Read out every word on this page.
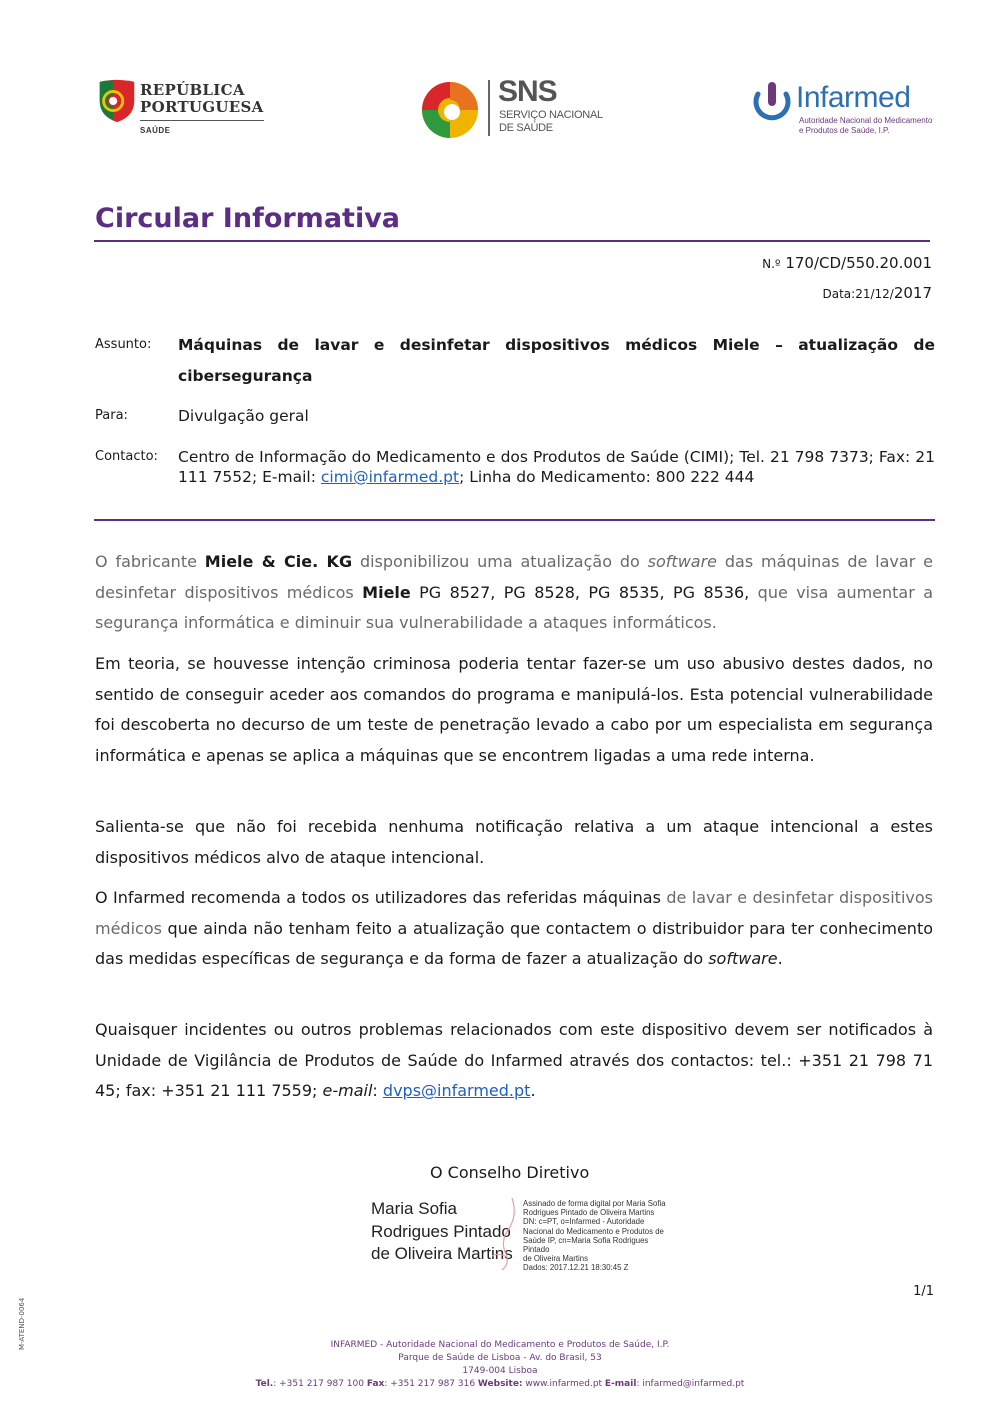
REPÚBLICA
PORTUGUESA
SAÚDE
SNS
SERVIÇO NACIONAL
DE SAÚDE
Infarmed
Autoridade Nacional do Medicamento
e Produtos de Saúde, I.P.
Circular Informativa
N.º 170/CD/550.20.001
Data:21/12/2017
Assunto: Máquinas de lavar e desinfetar dispositivos médicos Miele – atualização de cibersegurança
Para:	Divulgação geral
Contacto: Centro de Informação do Medicamento e dos Produtos de Saúde (CIMI); Tel. 21 798 7373; Fax: 21 111 7552; E-mail: cimi@infarmed.pt; Linha do Medicamento: 800 222 444

O fabricante Miele & Cie. KG disponibilizou uma atualização do software das máquinas de lavar e desinfetar dispositivos médicos Miele PG 8527, PG 8528, PG 8535, PG 8536, que visa aumentar a segurança informática e diminuir sua vulnerabilidade a ataques informáticos.

Em teoria, se houvesse intenção criminosa poderia tentar fazer-se um uso abusivo destes dados, no sentido de conseguir aceder aos comandos do programa e manipulá-los. Esta potencial vulnerabilidade foi descoberta no decurso de um teste de penetração levado a cabo por um especialista em segurança informática e apenas se aplica a máquinas que se encontrem ligadas a uma rede interna.

Salienta-se que não foi recebida nenhuma notificação relativa a um ataque intencional a estes dispositivos médicos alvo de ataque intencional.

O Infarmed recomenda a todos os utilizadores das referidas máquinas de lavar e desinfetar dispositivos médicos que ainda não tenham feito a atualização que contactem o distribuidor para ter conhecimento das medidas específicas de segurança e da forma de fazer a atualização do software.

Quaisquer incidentes ou outros problemas relacionados com este dispositivo devem ser notificados à Unidade de Vigilância de Produtos de Saúde do Infarmed através dos contactos: tel.: +351 21 798 71 45; fax: +351 21 111 7559; e-mail: dvps@infarmed.pt.

O Conselho Diretivo
Maria Sofia
Rodrigues Pintado
de Oliveira Martins
Assinado de forma digital por Maria Sofia
Rodrigues Pintado de Oliveira Martins
DN: c=PT, o=Infarmed - Autoridade
Nacional do Medicamento e Produtos de
Saúde IP, cn=Maria Sofia Rodrigues Pintado
de Oliveira Martins
Dados: 2017.12.21 18:30:45 Z
1/1
M-ATEND-0064	INFARMED - Autoridade Nacional do Medicamento e Produtos de Saúde, I.P.
Parque de Saúde de Lisboa - Av. do Brasil, 53
1749-004 Lisboa
Tel.: +351 217 987 100 Fax: +351 217 987 316 Website: www.infarmed.pt E-mail: infarmed@infarmed.pt
